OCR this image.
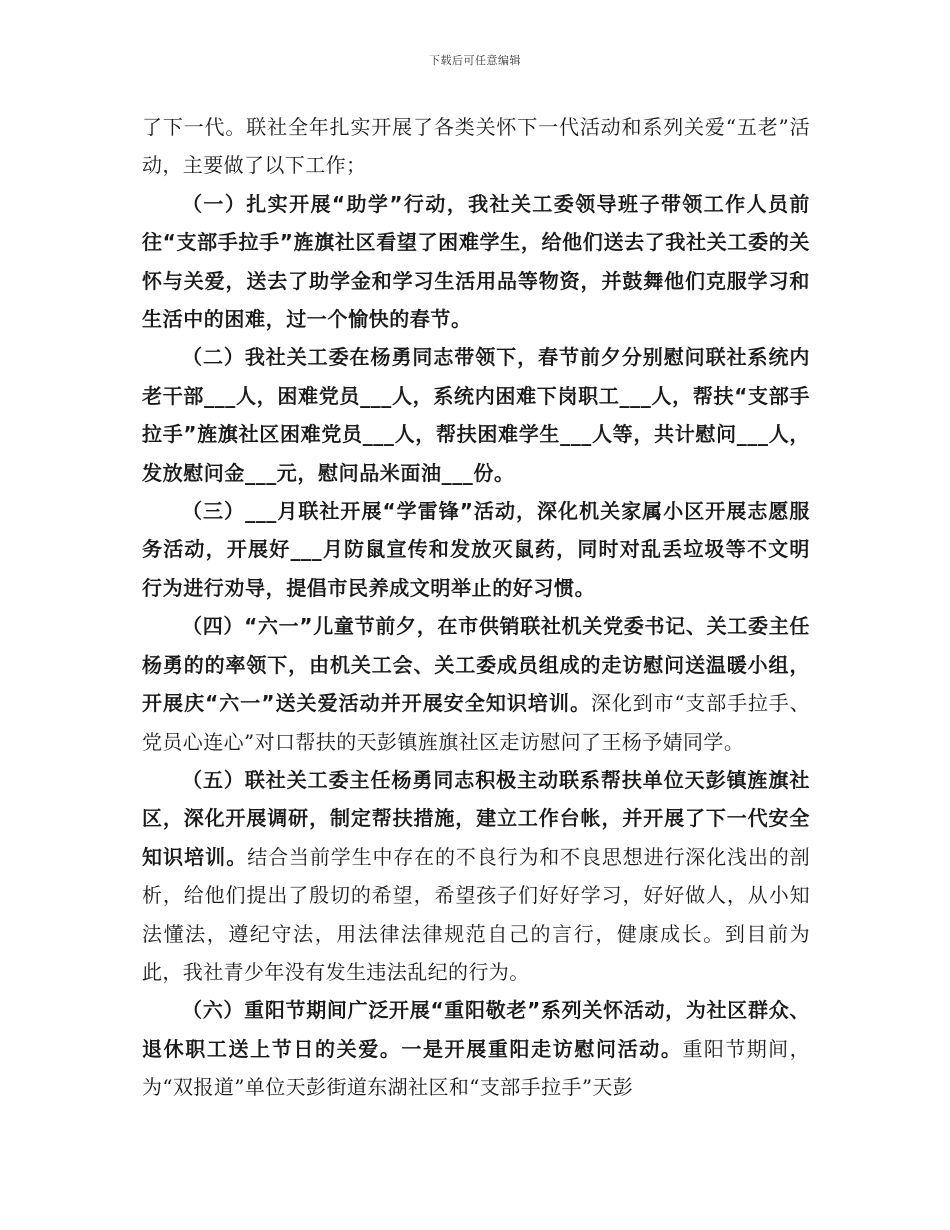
下载后可任意编辑

了下一代。联社全年扎实开展了各类关怀下一代活动和系列关爱“五老”活动，主要做了以下工作；

（一）扎实开展“助学”行动，我社关工委领导班子带领工作人员前往“支部手拉手”旌旗社区看望了困难学生，给他们送去了我社关工委的关怀与关爱，送去了助学金和学习生活用品等物资，并鼓舞他们克服学习和生活中的困难，过一个愉快的春节。

（二）我社关工委在杨勇同志带领下，春节前夕分别慰问联社系统内老干部___人，困难党员___人，系统内困难下岗职工___人，帮扶“支部手拉手”旌旗社区困难党员___人，帮扶困难学生___人等，共计慰问___人，发放慰问金___元，慰问品米面油___份。

（三）___月联社开展“学雷锋”活动，深化机关家属小区开展志愿服务活动，开展好___月防鼠宣传和发放灭鼠药，同时对乱丢垃圾等不文明行为进行劝导，提倡市民养成文明举止的好习惯。

（四）“六一”儿童节前夕，在市供销联社机关党委书记、关工委主任杨勇的的率领下，由机关工会、关工委成员组成的走访慰问送温暖小组，开展庆“六一”送关爱活动并开展安全知识培训。深化到市“支部手拉手、党员心连心”对口帮扶的天彭镇旌旗社区走访慰问了王杨予婧同学。

（五）联社关工委主任杨勇同志积极主动联系帮扶单位天彭镇旌旗社区，深化开展调研，制定帮扶措施，建立工作台帐，并开展了下一代安全知识培训。结合当前学生中存在的不良行为和不良思想进行深化浅出的剖析，给他们提出了殷切的希望，希望孩子们好好学习，好好做人，从小知法懂法，遵纪守法，用法律法律规范自己的言行，健康成长。到目前为此，我社青少年没有发生违法乱纪的行为。

（六）重阳节期间广泛开展“重阳敬老”系列关怀活动，为社区群众、退休职工送上节日的关爱。一是开展重阳走访慰问活动。重阳节期间，为“双报道”单位天彭街道东湖社区和“支部手拉手”天彭
